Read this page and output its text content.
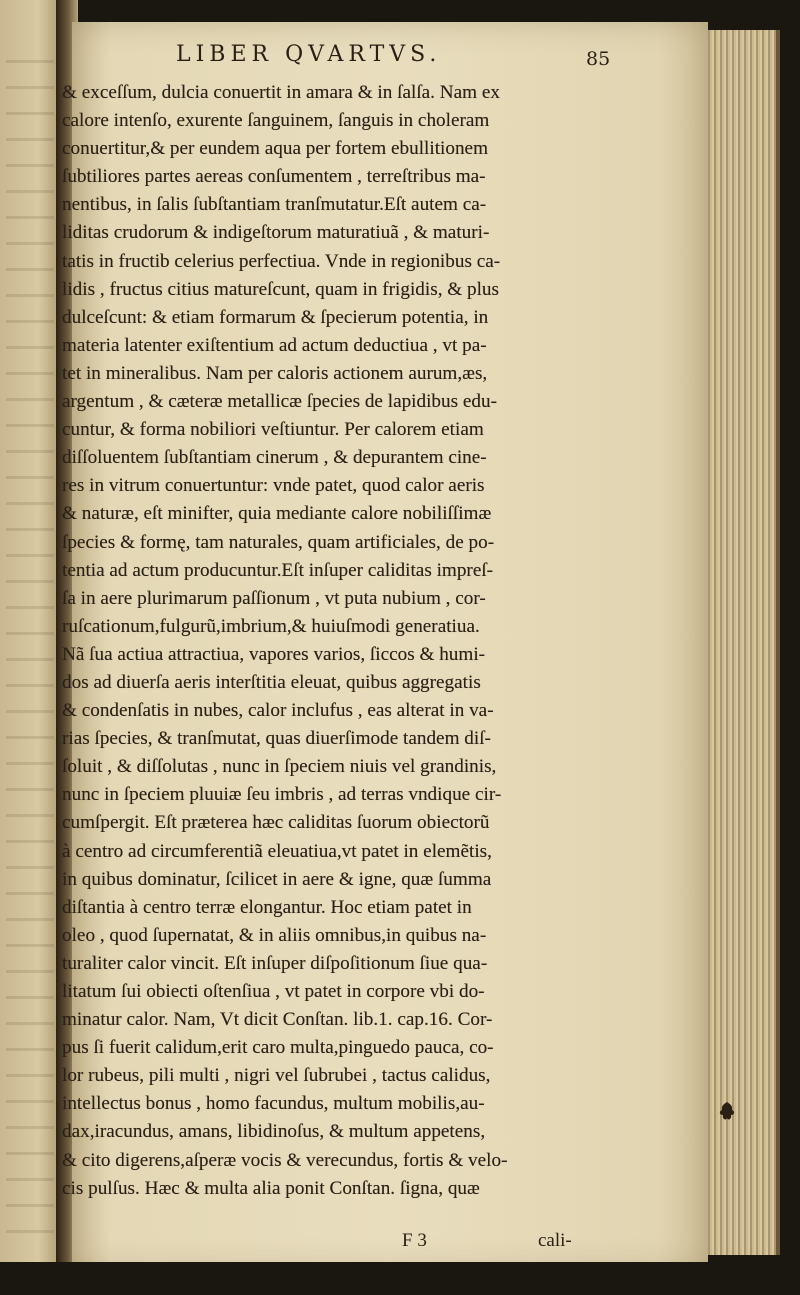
LIBER QVARTVS.	85
& exceſſum, dulcia conuertit in amara & in ſalſa. Nam ex
calore intenſo, exurente ſanguinem, ſanguis in choleram
conuertitur,& per eundem aqua per fortem ebullitionem
ſubtiliores partes aereas conſumentem , terreſtribus ma-
nentibus, in ſalis ſubſtantiam tranſmutatur.Eſt autem ca-
liditas crudorum & indigeſtorum maturatiuã , & maturi-
tatis in fructib celerius perfectiua. Vnde in regionibus ca-
lidis , fructus citius matureſcunt, quam in frigidis, & plus
dulceſcunt: & etiam formarum & ſpecierum potentia, in
materia latenter exiſtentium ad actum deductiua , vt pa-
tet in mineralibus. Nam per caloris actionem aurum,æs,
argentum , & cæteræ metallicæ ſpecies de lapidibus edu-
cuntur, & forma nobiliori veſtiuntur. Per calorem etiam
diſſoluentem ſubſtantiam cinerum , & depurantem cine-
res in vitrum conuertuntur: vnde patet, quod calor aeris
& naturæ, eſt minifter, quia mediante calore nobiliſſimæ
ſpecies & formę, tam naturales, quam artificiales, de po-
tentia ad actum producuntur.Eſt inſuper caliditas impreſ-
ſa in aere plurimarum paſſionum , vt puta nubium , cor-
ruſcationum,fulgurũ,imbrium,& huiuſmodi generatiua.
Nã ſua actiua attractiua, vapores varios, ſiccos & humi-
dos ad diuerſa aeris interſtitia eleuat, quibus aggregatis
& condenſatis in nubes, calor inclufus , eas alterat in va-
rias ſpecies, & tranſmutat, quas diuerſimode tandem diſ-
ſoluit , & diſſolutas , nunc in ſpeciem niuis vel grandinis,
nunc in ſpeciem pluuiæ ſeu imbris , ad terras vndique cir-
cumſpergit. Eſt præterea hæc caliditas ſuorum obiectorũ
à centro ad circumferentiã eleuatiua,vt patet in elemẽtis,
in quibus dominatur, ſcilicet in aere & igne, quæ ſumma
diſtantia à centro terræ elongantur. Hoc etiam patet in
oleo , quod ſupernatat, & in aliis omnibus,in quibus na-
turaliter calor vincit. Eſt inſuper diſpoſitionum ſiue qua-
litatum ſui obiecti oſtenſiua , vt patet in corpore vbi do-
minatur calor. Nam, Vt dicit Conſtan. lib.1. cap.16. Cor-
pus ſi fuerit calidum,erit caro multa,pinguedo pauca, co-
lor rubeus, pili multi , nigri vel ſubrubei , tactus calidus,
intellectus bonus , homo facundus, multum mobilis,au-
dax,iracundus, amans, libidinoſus, & multum appetens,
& cito digerens,aſperæ vocis & verecundus, fortis & velo-
cis pulſus. Hæc & multa alia ponit Conſtan. ſigna, quæ
F 3	cali-
